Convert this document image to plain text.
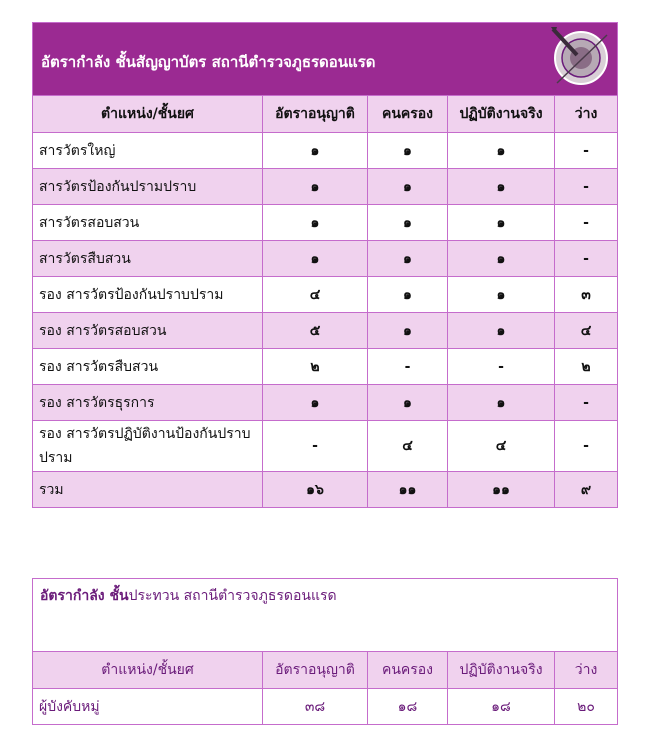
อัตรากำลัง ชั้นสัญญาบัตร สถานีตำรวจภูธรดอนแรด				

ตำแหน่ง/ชั้นยศ	อัตราอนุญาติ	คนครอง	ปฏิบัติงานจริง	ว่าง
สารวัตรใหญ่	๑	๑	๑	-
สารวัตรป้องกันปรามปราบ	๑	๑	๑	-
สารวัตรสอบสวน	๑	๑	๑	-
สารวัตรสืบสวน	๑	๑	๑	-
รอง สารวัตรป้องกันปราบปราม	๔	๑	๑	๓
รอง สารวัตรสอบสวน	๕	๑	๑	๔
รอง สารวัตรสืบสวน	๒	-	-	๒
รอง สารวัตรธุรการ	๑	๑	๑	-
รอง สารวัตรปฏิบัติงานป้องกันปราบปราม	-	๔	๔	-
รวม	๑๖	๑๑	๑๑	๙
อัตรากำลัง ชั้นประทวน สถานีตำรวจภูธรดอนแรด				
ตำแหน่ง/ชั้นยศ	อัตราอนุญาติ	คนครอง	ปฏิบัติงานจริง	ว่าง
ผู้บังคับหมู่	๓๘	๑๘	๑๘	๒๐
